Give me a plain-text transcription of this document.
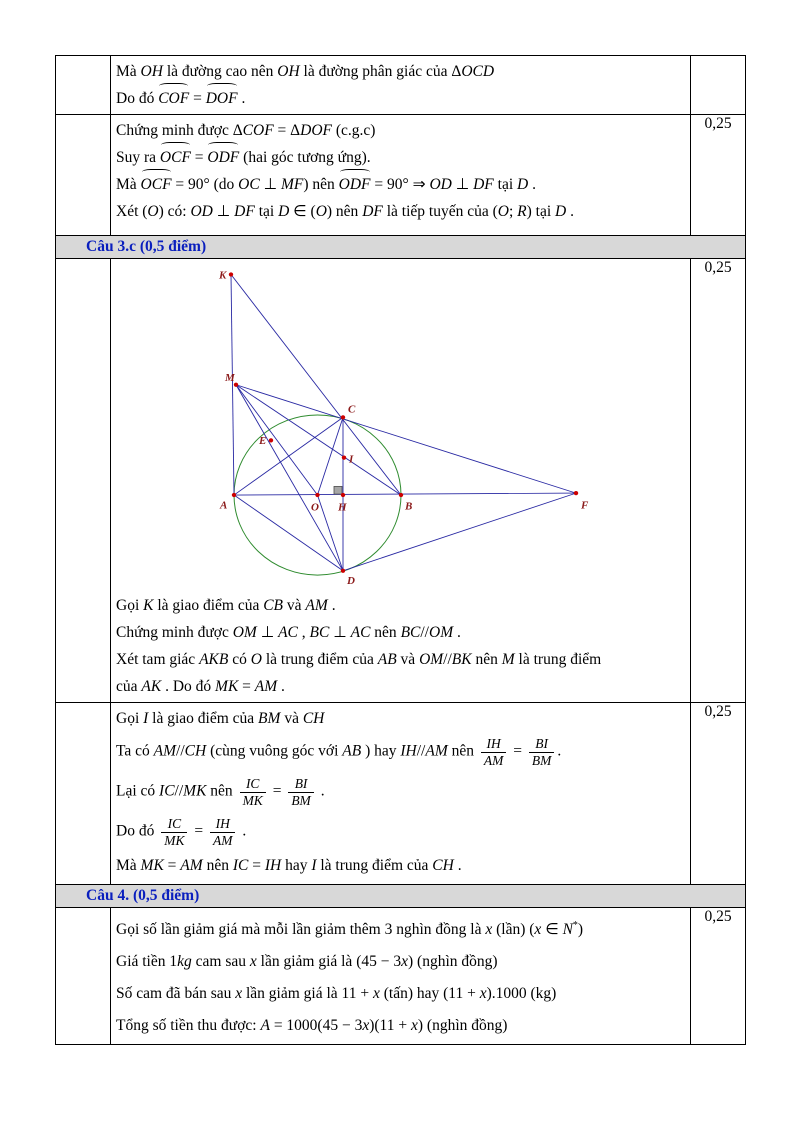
	Mà OH là đường cao nên OH là đường phân giác của ΔOCD

Do đó COF = DOF .	

	Chứng minh được ΔCOF = ΔDOF (c.g.c)

Suy ra OCF = ODF (hai góc tương ứng).

Mà OCF = 90° (do OC ⊥ MF) nên ODF = 90° ⇒ OD ⊥ DF tại D .

Xét (O) có: OD ⊥ DF tại D ∈ (O) nên DF là tiếp tuyến của (O; R) tại D .	0,25
Câu 3.c (0,5 điểm)		

K
M
C
E
I
A	O H	B	F
D

Gọi K là giao điểm của CB và AM .

Chứng minh được OM ⊥ AC , BC ⊥ AC nên BC//OM .

Xét tam giác AKB có O là trung điểm của AB và OM//BK nên M là trung điểm

của AK . Do đó MK = AM .

	0,25

Gọi I là giao điểm của BM và CH

Ta có AM//CH (cùng vuông góc với AB ) hay IH//AM nên $\frac{IH}{AM} = \frac{BI}{BM}$ .

Lại có IC//MK nên $\frac{IC}{MK} = \frac{BI}{BM}$ .

Do đó $\frac{IC}{MK} = \frac{IH}{AM}$ .

Mà MK = AM nên IC = IH hay I là trung điểm của CH .

	0,25
Câu 4. (0,5 điểm)		

	Gọi số lần giảm giá mà mỗi lần giảm thêm 3 nghìn đồng là x (lần) (x ∈ N*)

Giá tiền 1kg cam sau x lần giảm giá là (45 − 3x) (nghìn đồng)

Số cam đã bán sau x lần giảm giá là 11 + x (tấn) hay (11 + x).1000 (kg)

Tổng số tiền thu được: A = 1000(45 − 3x)(11 + x) (nghìn đồng)	0,25
